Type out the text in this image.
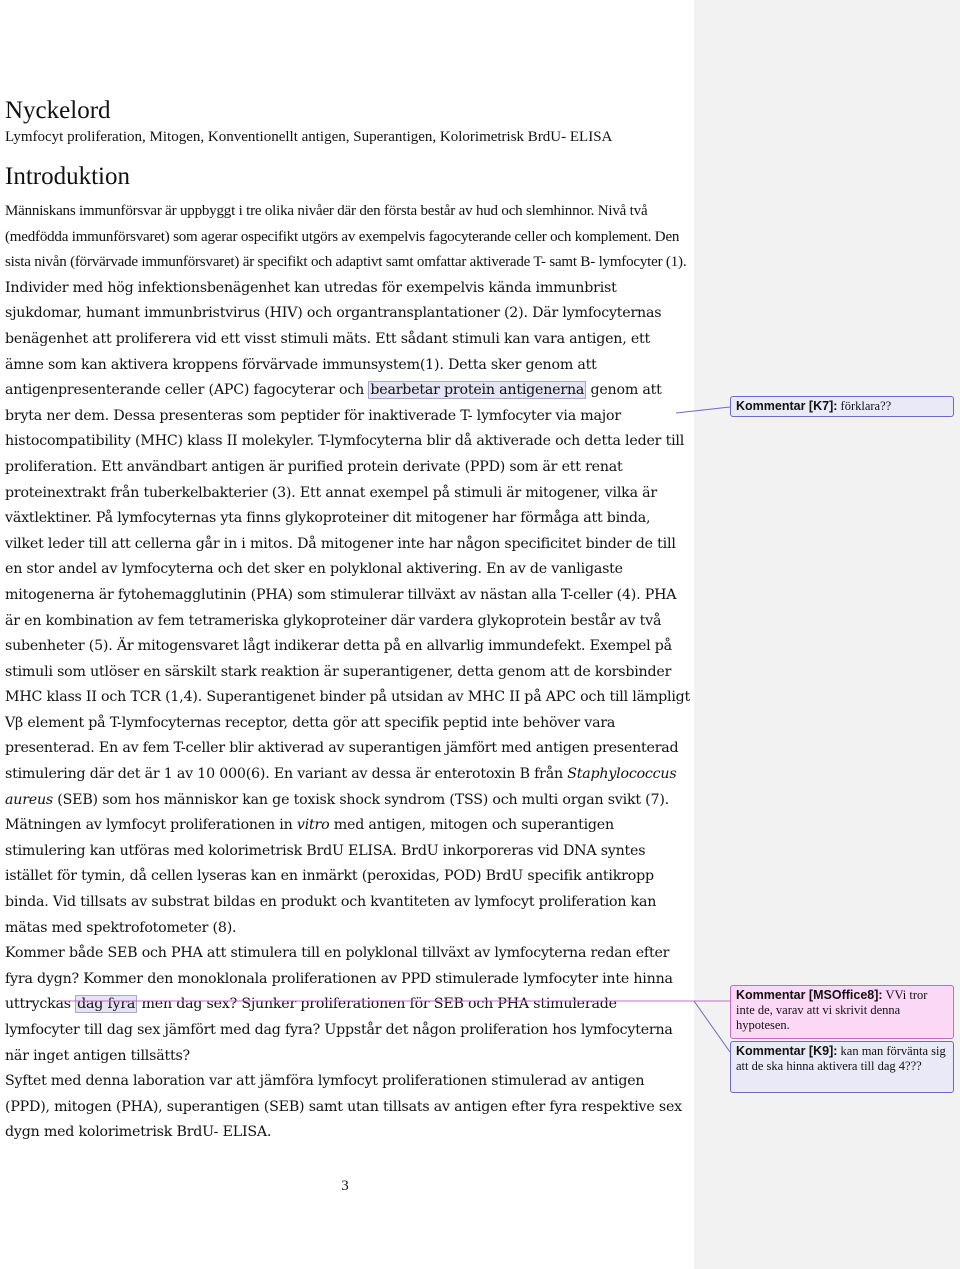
Nyckelord

Lymfocyt proliferation, Mitogen, Konventionellt antigen, Superantigen, Kolorimetrisk BrdU- ELISA

Introduktion

Människans immunförsvar är uppbyggt i tre olika nivåer där den första består av hud och slemhinnor. Nivå två (medfödda immunförsvaret) som agerar ospecifikt utgörs av exempelvis fagocyterande celler och komplement. Den sista nivån (förvärvade immunförsvaret) är specifikt och adaptivt samt omfattar aktiverade T- samt B- lymfocyter (1). Individer med hög infektionsbenägenhet kan utredas för exempelvis kända immunbrist sjukdomar, humant immunbristvirus (HIV) och organtransplantationer (2). Där lymfocyternas benägenhet att proliferera vid ett visst stimuli mäts. Ett sådant stimuli kan vara antigen, ett ämne som kan aktivera kroppens förvärvade immunsystem(1). Detta sker genom att antigenpresenterande celler (APC) fagocyterar och bearbetar protein antigenerna genom att bryta ner dem. Dessa presenteras som peptider för inaktiverade T- lymfocyter via major histocompatibility (MHC) klass II molekyler. T-lymfocyterna blir då aktiverade och detta leder till proliferation. Ett användbart antigen är purified protein derivate (PPD) som är ett renat proteinextrakt från tuberkelbakterier (3). Ett annat exempel på stimuli är mitogener, vilka är växtlektiner. På lymfocyternas yta finns glykoproteiner dit mitogener har förmåga att binda, vilket leder till att cellerna går in i mitos. Då mitogener inte har någon specificitet binder de till en stor andel av lymfocyterna och det sker en polyklonal aktivering. En av de vanligaste mitogenerna är fytohemagglutinin (PHA) som stimulerar tillväxt av nästan alla T-celler (4). PHA är en kombination av fem tetrameriska glykoproteiner där vardera glykoprotein består av två subenheter (5). Är mitogensvaret lågt indikerar detta på en allvarlig immundefekt. Exempel på stimuli som utlöser en särskilt stark reaktion är superantigener, detta genom att de korsbinder MHC klass II och TCR (1,4). Superantigenet binder på utsidan av MHC II på APC och till lämpligt Vβ element på T-lymfocyternas receptor, detta gör att specifik peptid inte behöver vara presenterad. En av fem T-celler blir aktiverad av superantigen jämfört med antigen presenterad stimulering där det är 1 av 10 000(6). En variant av dessa är enterotoxin B från Staphylococcus aureus (SEB) som hos människor kan ge toxisk shock syndrom (TSS) och multi organ svikt (7). Mätningen av lymfocyt proliferationen in vitro med antigen, mitogen och superantigen stimulering kan utföras med kolorimetrisk BrdU ELISA. BrdU inkorporeras vid DNA syntes istället för tymin, då cellen lyseras kan en inmärkt (peroxidas, POD) BrdU specifik antikropp binda. Vid tillsats av substrat bildas en produkt och kvantiteten av lymfocyt proliferation kan mätas med spektrofotometer (8).

Kommer både SEB och PHA att stimulera till en polyklonal tillväxt av lymfocyterna redan efter fyra dygn? Kommer den monoklonala proliferationen av PPD stimulerade lymfocyter inte hinna uttryckas dag fyra men dag sex? Sjunker proliferationen för SEB och PHA stimulerade lymfocyter till dag sex jämfört med dag fyra? Uppstår det någon proliferation hos lymfocyterna när inget antigen tillsätts?

Syftet med denna laboration var att jämföra lymfocyt proliferationen stimulerad av antigen (PPD), mitogen (PHA), superantigen (SEB) samt utan tillsats av antigen efter fyra respektive sex dygn med kolorimetrisk BrdU- ELISA.

3
Kommentar [K7]: förklara??
Kommentar [MSOffice8]: VVi tror inte de, varav att vi skrivit denna hypotesen.
Kommentar [K9]: kan man förvänta sig att de ska hinna aktivera till dag 4???
